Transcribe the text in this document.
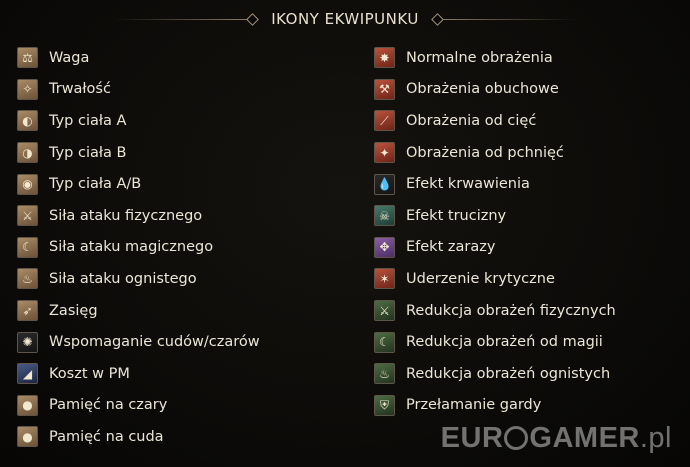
IKONY EKWIPUNKU
⚖	Waga
✧	Trwałość
◐	Typ ciała A
◑	Typ ciała B
◉	Typ ciała A/B
⚔	Siła ataku fizycznego
☾	Siła ataku magicznego
♨	Siła ataku ognistego
➶	Zasięg
✺	Wspomaganie cudów/czarów
◢	Koszt w PM
●	Pamięć na czary
●	Pamięć na cuda
✸	Normalne obrażenia
⚒	Obrażenia obuchowe
⟋	Obrażenia od cięć
✦	Obrażenia od pchnięć
💧 Efekt krwawienia
☠	Efekt trucizny
✥	Efekt zarazy
✶	Uderzenie krytyczne
⚔	Redukcja obrażeń fizycznych
☾	Redukcja obrażeń od magii
♨	Redukcja obrażeń ognistych
⛨	Przełamanie gardy
EUR GAMER .pl
